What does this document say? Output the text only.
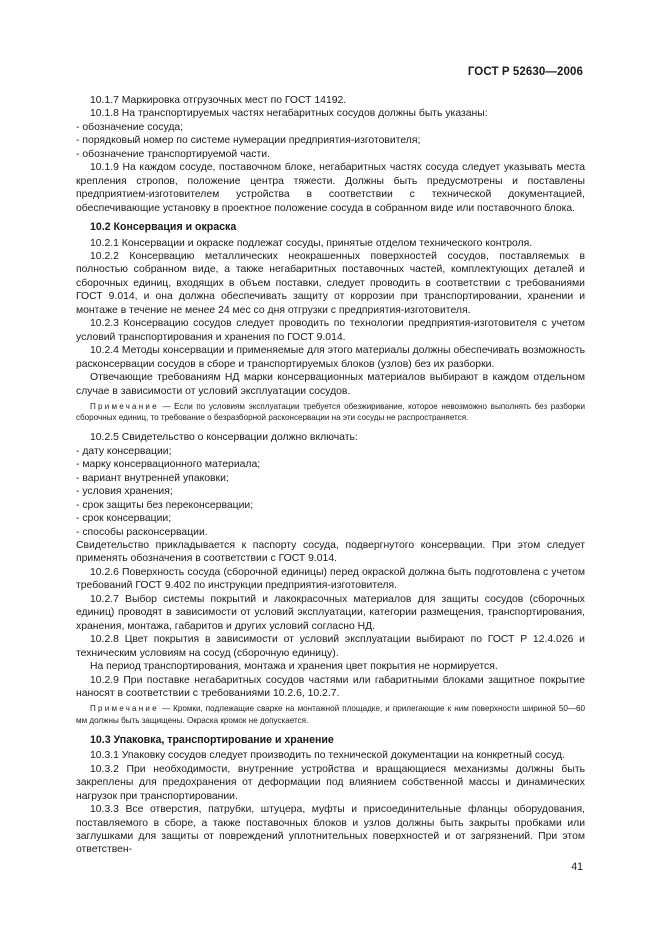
ГОСТ Р 52630—2006

10.1.7 Маркировка отгрузочных мест по ГОСТ 14192.

10.1.8 На транспортируемых частях негабаритных сосудов должны быть указаны:

- обозначение сосуда;

- порядковый номер по системе нумерации предприятия-изготовителя;

- обозначение транспортируемой части.

10.1.9 На каждом сосуде, поставочном блоке, негабаритных частях сосуда следует указывать места крепления стропов, положение центра тяжести. Должны быть предусмотрены и поставлены предприятием-изготовителем устройства в соответствии с технической документацией, обеспечивающие установку в проектное положение сосуда в собранном виде или поставочного блока.

10.2 Консервация и окраска

10.2.1 Консервации и окраске подлежат сосуды, принятые отделом технического контроля.

10.2.2 Консервацию металлических неокрашенных поверхностей сосудов, поставляемых в полностью собранном виде, а также негабаритных поставочных частей, комплектующих деталей и сборочных единиц, входящих в объем поставки, следует проводить в соответствии с требованиями ГОСТ 9.014, и она должна обеспечивать защиту от коррозии при транспортировании, хранении и монтаже в течение не менее 24 мес со дня отгрузки с предприятия-изготовителя.

10.2.3 Консервацию сосудов следует проводить по технологии предприятия-изготовителя с учетом условий транспортирования и хранения по ГОСТ 9.014.

10.2.4 Методы консервации и применяемые для этого материалы должны обеспечивать возможность расконсервации сосудов в сборе и транспортируемых блоков (узлов) без их разборки.

Отвечающие требованиям НД марки консервационных материалов выбирают в каждом отдельном случае в зависимости от условий эксплуатации сосудов.

Примечание — Если по условиям эксплуатации требуется обезжиривание, которое невозможно выполнять без разборки сборочных единиц, то требование о безразборной расконсервации на эти сосуды не распространяется.

10.2.5 Свидетельство о консервации должно включать:

- дату консервации;

- марку консервационного материала;

- вариант внутренней упаковки;

- условия хранения;

- срок защиты без переконсервации;

- срок консервации;

- способы расконсервации.

Свидетельство прикладывается к паспорту сосуда, подвергнутого консервации. При этом следует применять обозначения в соответствии с ГОСТ 9.014.

10.2.6 Поверхность сосуда (сборочной единицы) перед окраской должна быть подготовлена с учетом требований ГОСТ 9.402 по инструкции предприятия-изготовителя.

10.2.7 Выбор системы покрытий и лакокрасочных материалов для защиты сосудов (сборочных единиц) проводят в зависимости от условий эксплуатации, категории размещения, транспортирования, хранения, монтажа, габаритов и других условий согласно НД.

10.2.8 Цвет покрытия в зависимости от условий эксплуатации выбирают по ГОСТ Р 12.4.026 и техническим условиям на сосуд (сборочную единицу).

На период транспортирования, монтажа и хранения цвет покрытия не нормируется.

10.2.9 При поставке негабаритных сосудов частями или габаритными блоками защитное покрытие наносят в соответствии с требованиями 10.2.6, 10.2.7.

Примечание — Кромки, подлежащие сварке на монтажной площадке, и прилегающие к ним поверхности шириной 50—60 мм должны быть защищены. Окраска кромок не допускается.

10.3 Упаковка, транспортирование и хранение

10.3.1 Упаковку сосудов следует производить по технической документации на конкретный сосуд.

10.3.2 При необходимости, внутренние устройства и вращающиеся механизмы должны быть закреплены для предохранения от деформации под влиянием собственной массы и динамических нагрузок при транспортировании.

10.3.3 Все отверстия, патрубки, штуцера, муфты и присоединительные фланцы оборудования, поставляемого в сборе, а также поставочных блоков и узлов должны быть закрыты пробками или заглушками для защиты от повреждений уплотнительных поверхностей и от загрязнений. При этом ответствен-

41
